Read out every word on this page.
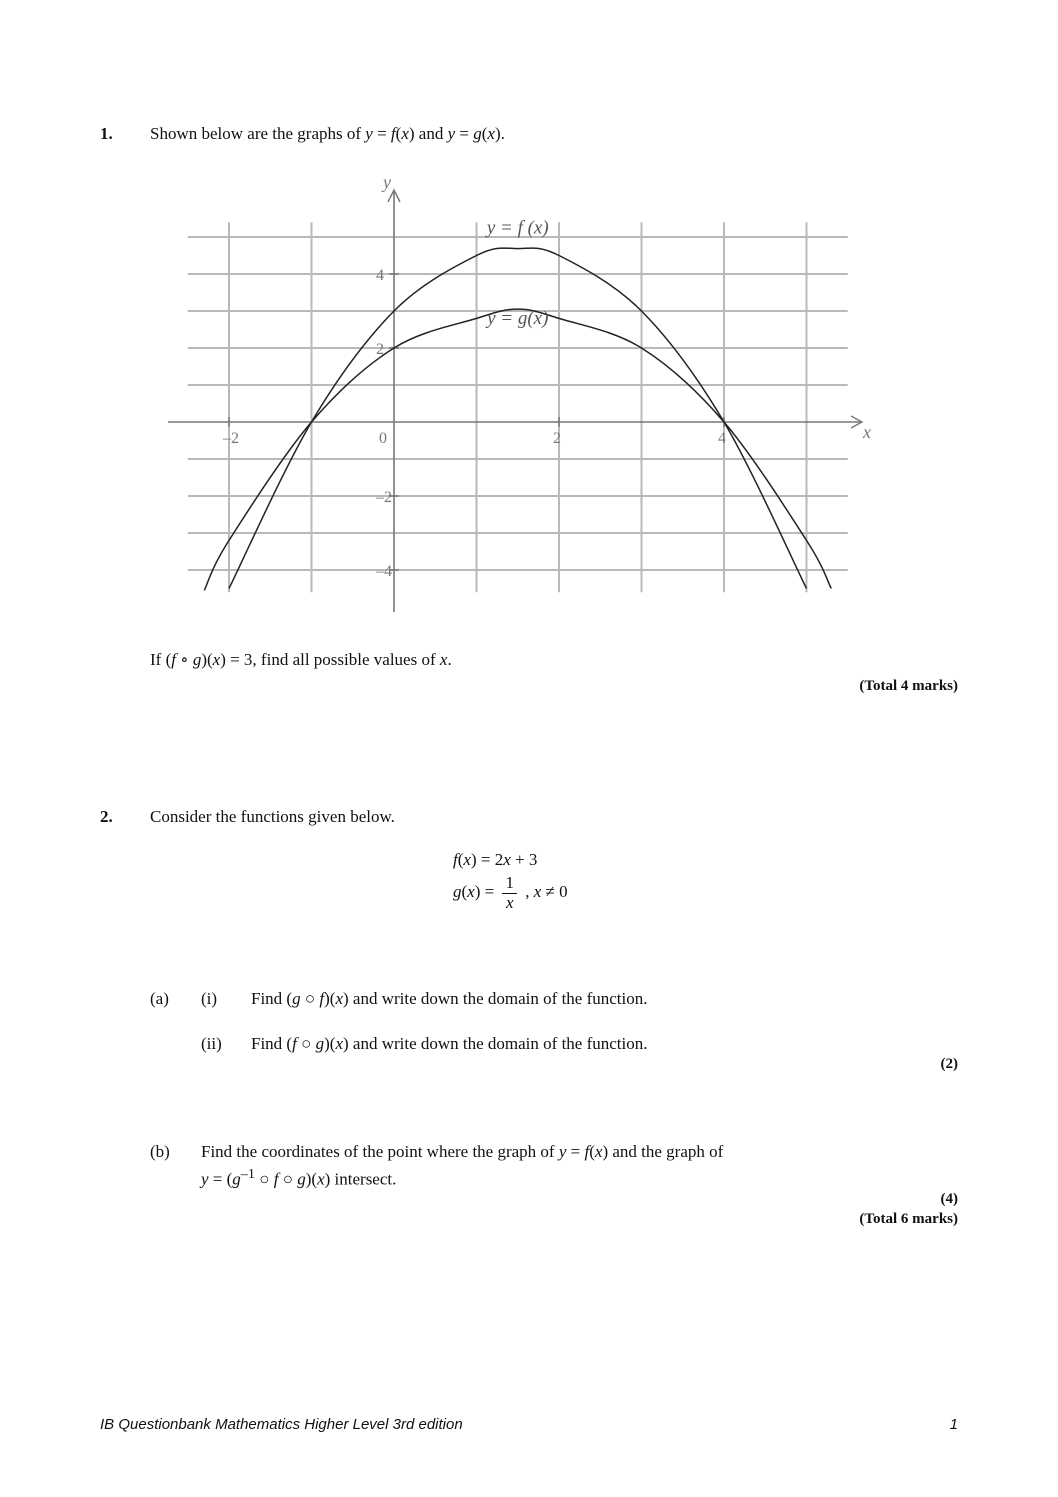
1. Shown below are the graphs of y = f(x) and y = g(x).
x
y
–2	0	2	4
–4
–2
2
4
y = f (x)
y = g(x)
If (f ∘ g)(x) = 3, find all possible values of x.
(Total 4 marks)
2. Consider the functions given below.
f(x) = 2x + 3
$g(x) = \frac{1}{x}$ , x ≠ 0
(a) (i) Find (g ○ f)(x) and write down the domain of the function.
(ii) Find (f ○ g)(x) and write down the domain of the function.
(2)
(b) Find the coordinates of the point where the graph of y = f(x) and the graph of
$y = (g^{-1}$ ○ f ○ g)(x) intersect.
(4)
(Total 6 marks)
IB Questionbank Mathematics Higher Level 3rd edition	1
